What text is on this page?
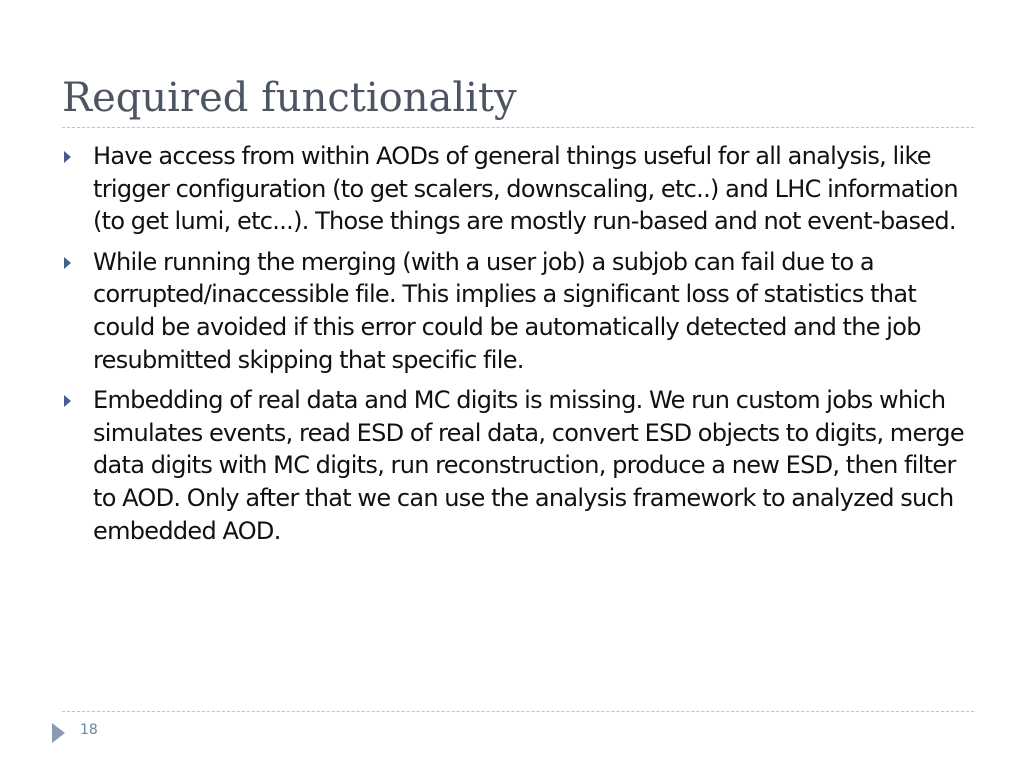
Required functionality
Have access from within AODs of general things useful for all analysis, like trigger configuration (to get scalers, downscaling, etc..) and LHC information (to get lumi, etc...). Those things are mostly run-based and not event-based.
While running the merging (with a user job) a subjob can fail due to a corrupted/inaccessible file. This implies a significant loss of statistics that could be avoided if this error could be automatically detected and the job resubmitted skipping that specific file.
Embedding of real data and MC digits is missing. We run custom jobs which simulates events, read ESD of real data, convert ESD objects to digits, merge data digits with MC digits, run reconstruction, produce a new ESD, then filter to AOD. Only after that we can use the analysis framework to analyzed such embedded AOD.
18
